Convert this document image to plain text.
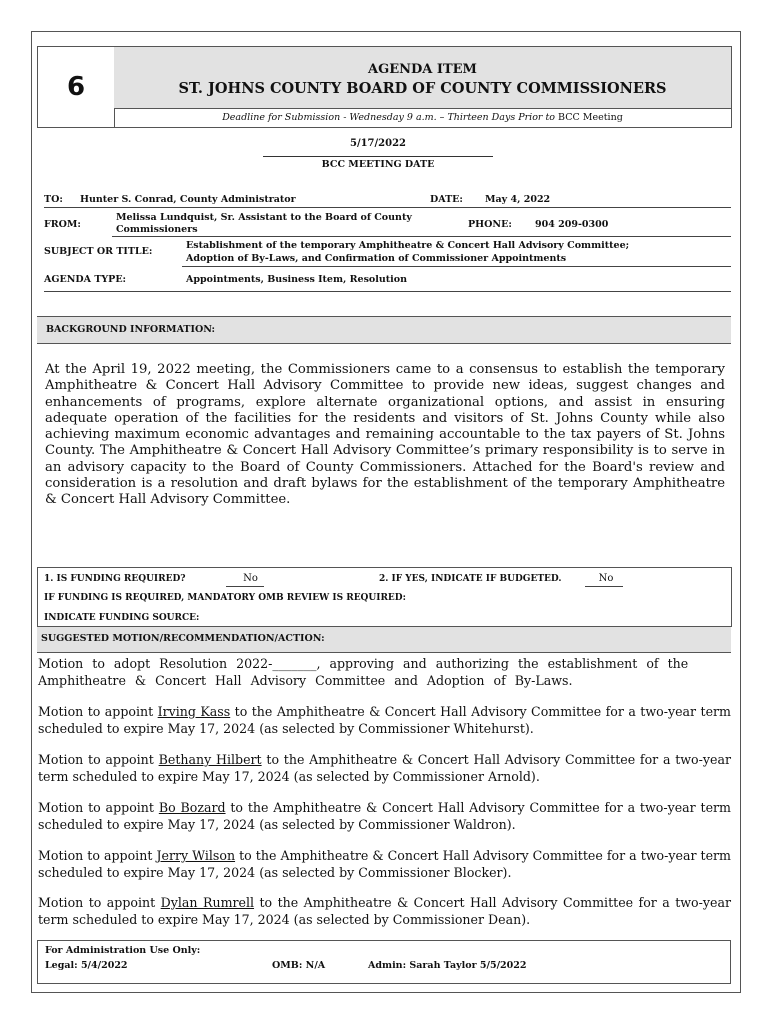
6
AGENDA ITEM
ST. JOHNS COUNTY BOARD OF COUNTY COMMISSIONERS
Deadline for Submission - Wednesday 9 a.m. – Thirteen Days Prior to BCC Meeting
5/17/2022
BCC MEETING DATE
TO: Hunter S. Conrad, County Administrator	DATE: May 4, 2022
FROM:
Melissa Lundquist, Sr. Assistant to the Board of County
Commissioners	PHONE: 904 209-0300
SUBJECT OR TITLE:
Establishment of the temporary Amphitheatre & Concert Hall Advisory Committee;
Adoption of By-Laws, and Confirmation of Commissioner Appointments
AGENDA TYPE:	Appointments, Business Item, Resolution
BACKGROUND INFORMATION:
At the April 19, 2022 meeting, the Commissioners came to a consensus to establish the temporary Amphitheatre & Concert Hall Advisory Committee to provide new ideas, suggest changes and enhancements of programs, explore alternate organizational options, and assist in ensuring adequate operation of the facilities for the residents and visitors of St. Johns County while also achieving maximum economic advantages and remaining accountable to the tax payers of St. Johns County. The Amphitheatre & Concert Hall Advisory Committee’s primary responsibility is to serve in an advisory capacity to the Board of County Commissioners. Attached for the Board's review and consideration is a resolution and draft bylaws for the establishment of the temporary Amphitheatre & Concert Hall Advisory Committee.
1. IS FUNDING REQUIRED?	No	2. IF YES, INDICATE IF BUDGETED.	No
IF FUNDING IS REQUIRED, MANDATORY OMB REVIEW IS REQUIRED:
INDICATE FUNDING SOURCE:
SUGGESTED MOTION/RECOMMENDATION/ACTION:
Motion to adopt Resolution 2022-_______, approving and authorizing the establishment of the Amphitheatre & Concert Hall Advisory Committee and Adoption of By-Laws.
Motion to appoint Irving Kass to the Amphitheatre & Concert Hall Advisory Committee for a two-year term scheduled to expire May 17, 2024 (as selected by Commissioner Whitehurst).
Motion to appoint Bethany Hilbert to the Amphitheatre & Concert Hall Advisory Committee for a two-year term scheduled to expire May 17, 2024 (as selected by Commissioner Arnold).
Motion to appoint Bo Bozard to the Amphitheatre & Concert Hall Advisory Committee for a two-year term scheduled to expire May 17, 2024 (as selected by Commissioner Waldron).
Motion to appoint Jerry Wilson to the Amphitheatre & Concert Hall Advisory Committee for a two-year term scheduled to expire May 17, 2024 (as selected by Commissioner Blocker).
Motion to appoint Dylan Rumrell to the Amphitheatre & Concert Hall Advisory Committee for a two-year term scheduled to expire May 17, 2024 (as selected by Commissioner Dean).
For Administration Use Only:
Legal: 5/4/2022	OMB: N/A	Admin: Sarah Taylor 5/5/2022
